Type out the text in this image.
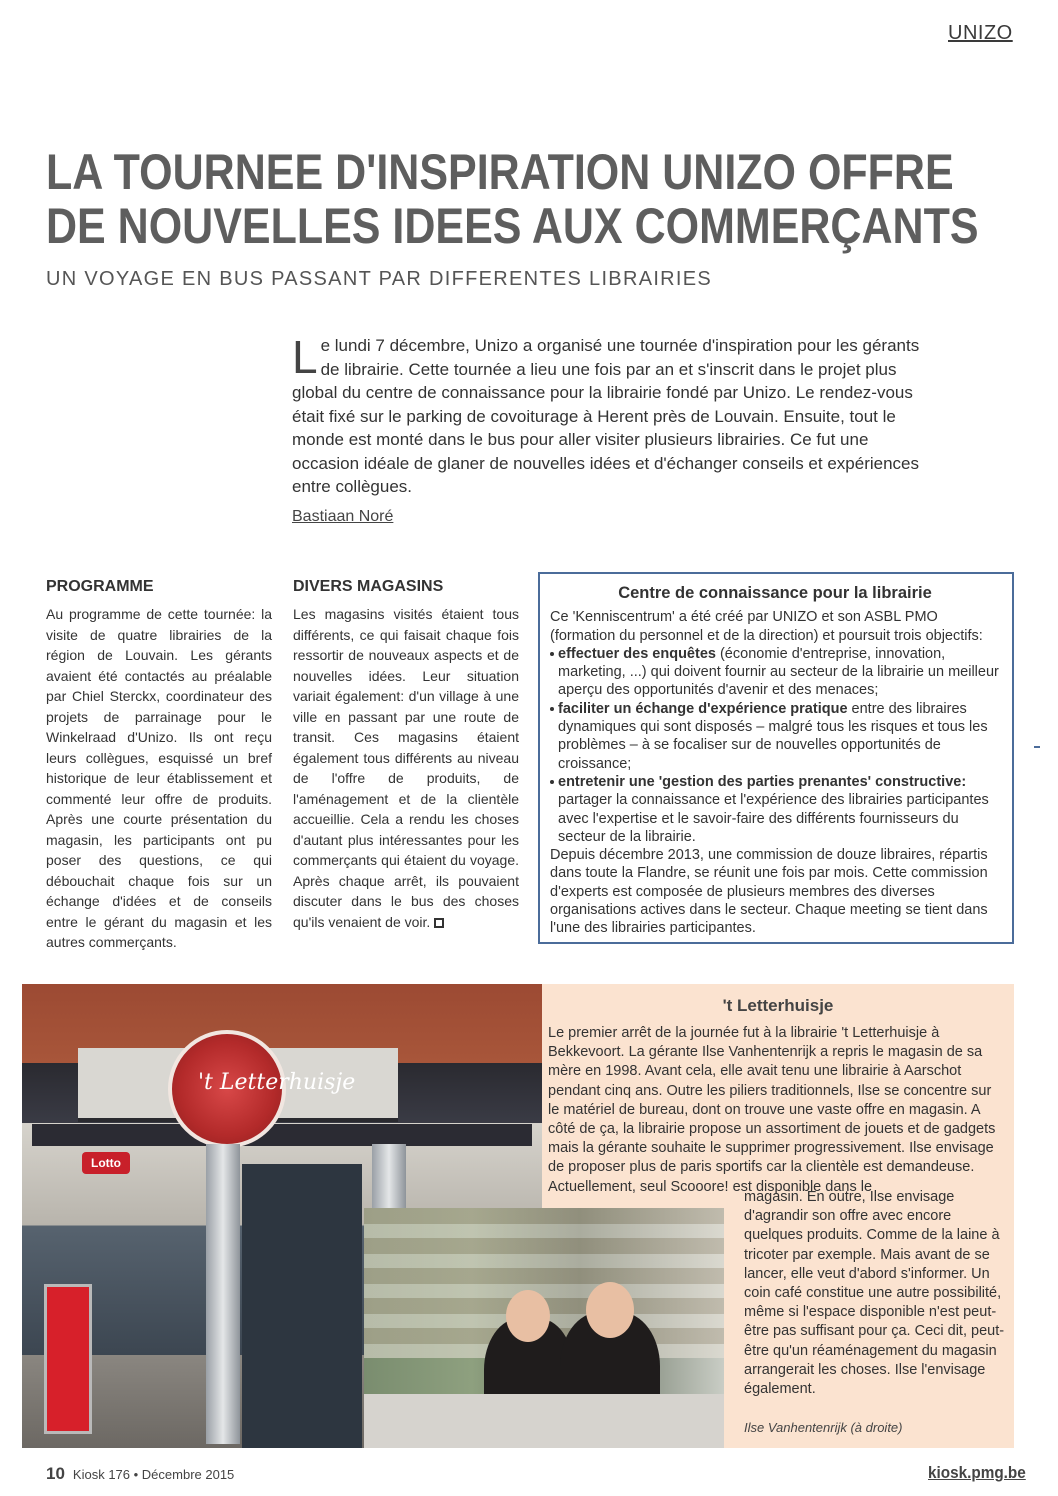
UNIZO
LA TOURNEE D'INSPIRATION UNIZO OFFRE
DE NOUVELLES IDEES AUX COMMERÇANTS
UN VOYAGE EN BUS PASSANT PAR DIFFERENTES LIBRAIRIES
L e lundi 7 décembre, Unizo a organisé une tournée d'inspiration pour les gérants de librairie. Cette tournée a lieu une fois par an et s'inscrit dans le projet plus global du centre de connaissance pour la librairie fondé par Unizo. Le rendez-vous était fixé sur le parking de covoiturage à Herent près de Louvain. Ensuite, tout le monde est monté dans le bus pour aller visiter plusieurs librairies. Ce fut une occasion idéale de glaner de nouvelles idées et d'échanger conseils et expériences entre collègues.
Bastiaan Noré
PROGRAMME
Au programme de cette tournée: la visite de quatre librairies de la région de Louvain. Les gérants avaient été contactés au préalable par Chiel Sterckx, coordinateur des projets de parrainage pour le Winkelraad d'Unizo. Ils ont reçu leurs collègues, esquissé un bref historique de leur établissement et commenté leur offre de produits. Après une courte présentation du magasin, les participants ont pu poser des questions, ce qui débouchait chaque fois sur un échange d'idées et de conseils entre le gérant du magasin et les autres commerçants.
DIVERS MAGASINS
Les magasins visités étaient tous différents, ce qui faisait chaque fois ressortir de nouveaux aspects et de nouvelles idées. Leur situation variait également: d'un village à une ville en passant par une route de transit. Ces magasins étaient également tous différents au niveau de l'offre de produits, de l'aménagement et de la clientèle accueillie. Cela a rendu les choses d'autant plus intéressantes pour les commerçants qui étaient du voyage. Après chaque arrêt, ils pouvaient discuter dans le bus des choses qu'ils venaient de voir.
Centre de connaissance pour la librairie
Ce 'Kenniscentrum' a été créé par UNIZO et son ASBL PMO (formation du personnel et de la direction) et poursuit trois objectifs:
effectuer des enquêtes (économie d'entreprise, innovation, marketing, ...) qui doivent fournir au secteur de la librairie un meilleur aperçu des opportunités d'avenir et des menaces;
faciliter un échange d'expérience pratique entre des libraires dynamiques qui sont disposés – malgré tous les risques et tous les problèmes – à se focaliser sur de nouvelles opportunités de croissance;
entretenir une 'gestion des parties prenantes' constructive: partager la connaissance et l'expérience des librairies participantes avec l'expertise et le savoir-faire des différents fournisseurs du secteur de la librairie.
Depuis décembre 2013, une commission de douze libraires, répartis dans toute la Flandre, se réunit une fois par mois. Cette commission d'experts est composée de plusieurs membres des diverses organisations actives dans le secteur. Chaque meeting se tient dans l'une des librairies participantes.
't Letterhuisje
Lotto
't Letterhuisje
Le premier arrêt de la journée fut à la librairie 't Letterhuisje à Bekkevoort. La gérante Ilse Vanhentenrijk a repris le magasin de sa mère en 1998. Avant cela, elle avait tenu une librairie à Aarschot pendant cinq ans. Outre les piliers traditionnels, Ilse se concentre sur le matériel de bureau, dont on trouve une vaste offre en magasin. A côté de ça, la librairie propose un assortiment de jouets et de gadgets mais la gérante souhaite le supprimer progressivement. Ilse envisage de proposer plus de paris sportifs car la clientèle est demandeuse. Actuellement, seul Scooore! est disponible dans le
magasin. En outre, Ilse envisage d'agrandir son offre avec encore quelques produits. Comme de la laine à tricoter par exemple. Mais avant de se lancer, elle veut d'abord s'informer. Un coin café constitue une autre possibilité, même si l'espace disponible n'est peut-être pas suffisant pour ça. Ceci dit, peut-être qu'un réaménagement du magasin arrangerait les choses. Ilse l'envisage également.
Ilse Vanhentenrijk (à droite)
10 Kiosk 176 • Décembre 2015	kiosk.pmg.be
